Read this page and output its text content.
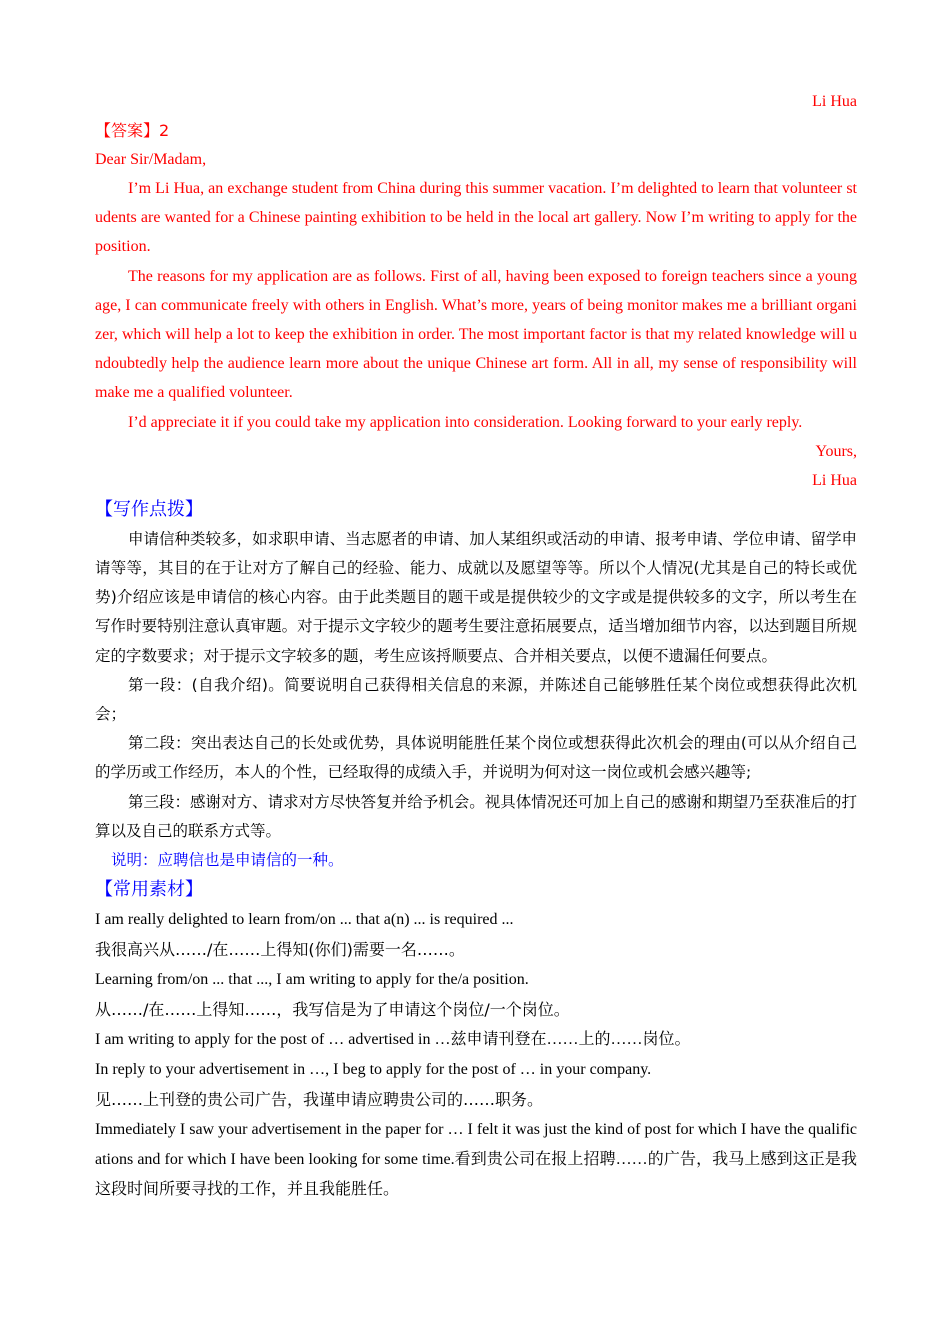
Li Hua
【答案】2
Dear Sir/Madam,
I’m Li Hua, an exchange student from China during this summer vacation. I’m delighted to learn that volunteer students are wanted for a Chinese painting exhibition to be held in the local art gallery. Now I’m writing to apply for the position.
The reasons for my application are as follows. First of all, having been exposed to foreign teachers since a young age, I can communicate freely with others in English. What’s more, years of being monitor makes me a brilliant organizer, which will help a lot to keep the exhibition in order. The most important factor is that my related knowledge will undoubtedly help the audience learn more about the unique Chinese art form. All in all, my sense of responsibility will make me a qualified volunteer.
I’d appreciate it if you could take my application into consideration. Looking forward to your early reply.
Yours,
Li Hua
【写作点拨】
申请信种类较多，如求职申请、当志愿者的申请、加人某组织或活动的申请、报考申请、学位申请、留学申请等等，其目的在于让对方了解自己的经验、能力、成就以及愿望等等。所以个人情况(尤其是自己的特长或优势)介绍应该是申请信的核心内容。由于此类题目的题干或是提供较少的文字或是提供较多的文字，所以考生在写作时要特别注意认真审题。对于提示文字较少的题考生要注意拓展要点，适当增加细节内容，以达到题目所规定的字数要求；对于提示文字较多的题，考生应该捋顺要点、合并相关要点，以便不遗漏任何要点。
第一段：(自我介绍)。简要说明自己获得相关信息的来源，并陈述自己能够胜任某个岗位或想获得此次机会；
第二段：突出表达自己的长处或优势，具体说明能胜任某个岗位或想获得此次机会的理由(可以从介绍自己的学历或工作经历，本人的个性，已经取得的成绩入手，并说明为何对这一岗位或机会感兴趣等;
第三段：感谢对方、请求对方尽快答复并给予机会。视具体情况还可加上自己的感谢和期望乃至获准后的打算以及自己的联系方式等。
说明：应聘信也是申请信的一种。
【常用素材】
I am really delighted to learn from/on ... that a(n) ... is required ...
我很高兴从……/在……上得知(你们)需要一名……。
Learning from/on ... that ..., I am writing to apply for the/a position.
从……/在……上得知……，我写信是为了申请这个岗位/一个岗位。
I am writing to apply for the post of … advertised in …兹申请刊登在……上的……岗位。
In reply to your advertisement in …, I beg to apply for the post of … in your company.
见……上刊登的贵公司广告，我谨申请应聘贵公司的……职务。
Immediately I saw your advertisement in the paper for … I felt it was just the kind of post for which I have the qualifications and for which I have been looking for some time.看到贵公司在报上招聘……的广告，我马上感到这正是我这段时间所要寻找的工作，并且我能胜任。
